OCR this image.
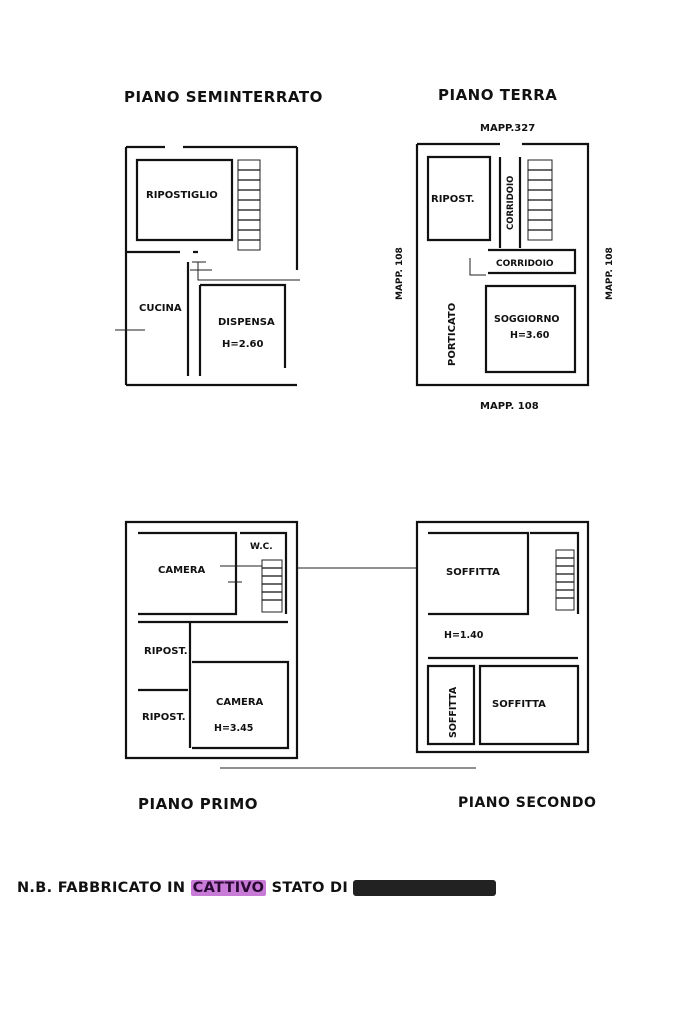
PIANO SEMINTERRATO	PIANO TERRA
PIANO PRIMO	PIANO SECONDO
RIPOSTIGLIO
CUCINA
DISPENSA
H=2.60
MAPP.327
MAPP. 108
MAPP. 108	MAPP. 108
RIPOST.	CORRIDOIO
CORRIDOIO
SOGGIORNO
H=3.60
PORTICATO
CAMERA
W.C.
RIPOST.
RIPOST.
CAMERA
H=3.45
SOFFITTA
H=1.40
SOFFITTA	SOFFITTA
N.B. FABBRICATO IN CATTIVO STATO DI CONSERVAZIONE
